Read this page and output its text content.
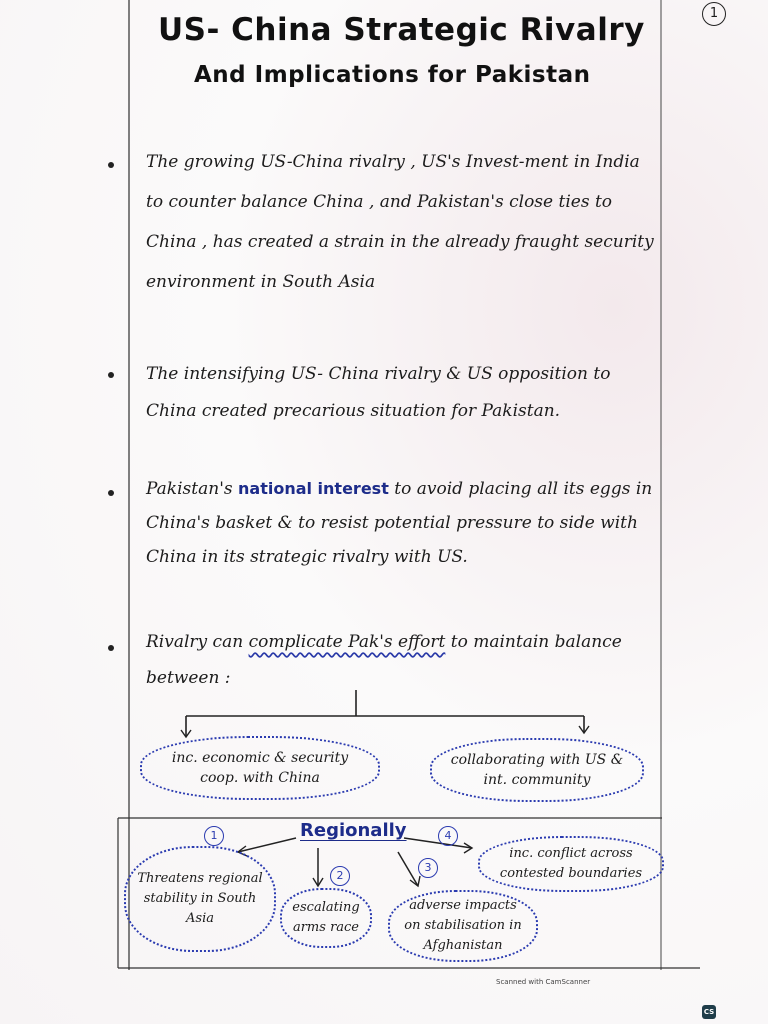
1
US- China Strategic Rivalry
And Implications for Pakistan
The growing US-China rivalry , US's Invest-ment in India to counter balance China , and Pakistan's close ties to China , has created a strain in the already fraught security environment in South Asia
The intensifying US- China rivalry & US opposition to China created precarious situation for Pakistan.
Pakistan's national interest to avoid placing all its eggs in China's basket & to resist potential pressure to side with China in its strategic rivalry with US.
Rivalry can complicate Pak's effort to maintain balance between :
inc. economic & security coop. with China
collaborating with US & int. community
Regionally
1
2
3
4
Threatens regional stability in South Asia
escalating arms race
adverse impacts on stabilisation in Afghanistan
inc. conflict across contested boundaries
Scanned with CamScanner
CS
